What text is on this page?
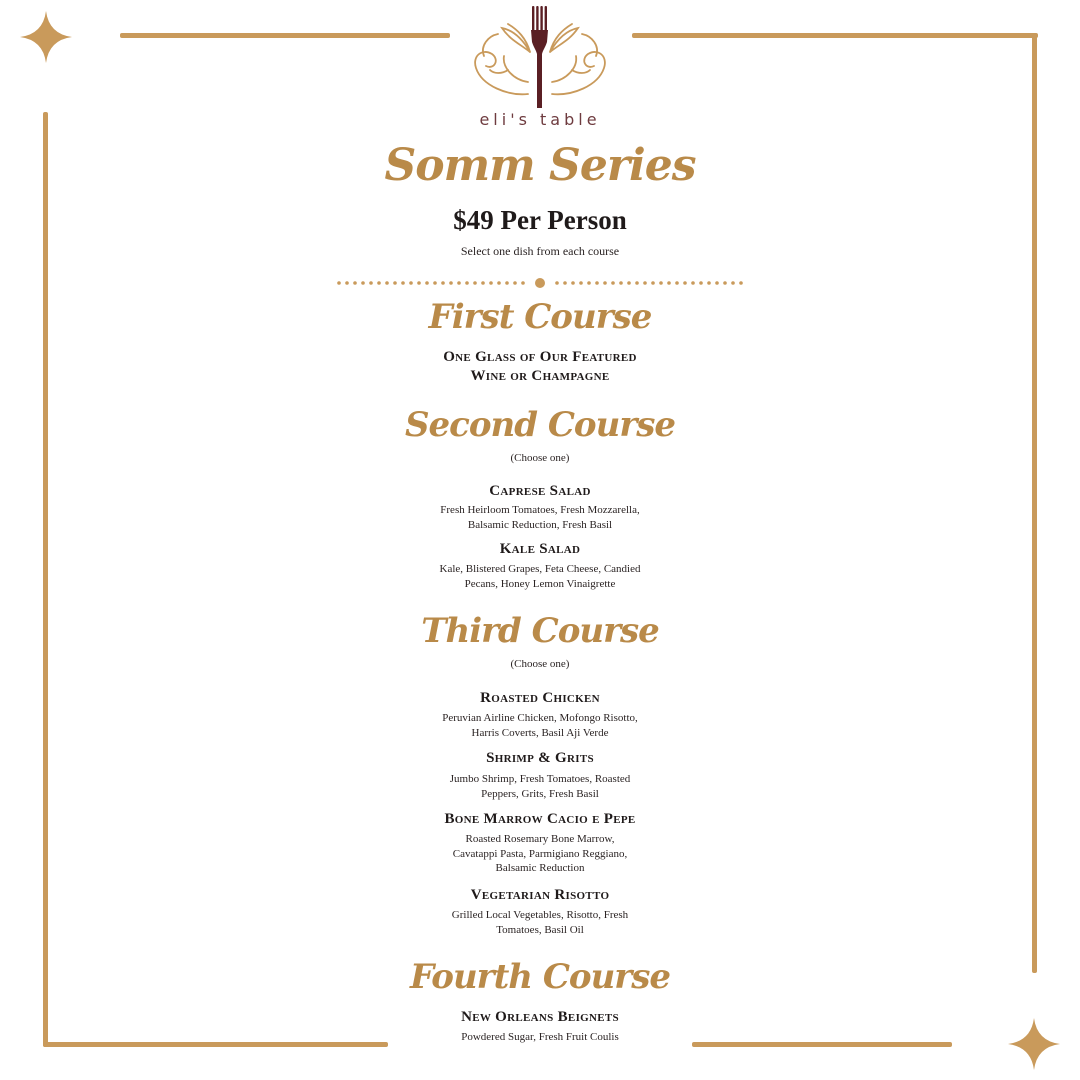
eli's table
Somm Series
$49 Per Person
Select one dish from each course
First Course
One Glass of Our Featured
Wine or Champagne
Second Course
(Choose one)
Caprese Salad
Fresh Heirloom Tomatoes, Fresh Mozzarella,
Balsamic Reduction, Fresh Basil
Kale Salad
Kale, Blistered Grapes, Feta Cheese, Candied
Pecans, Honey Lemon Vinaigrette
Third Course
(Choose one)
Roasted Chicken
Peruvian Airline Chicken, Mofongo Risotto,
Harris Coverts, Basil Aji Verde
Shrimp & Grits
Jumbo Shrimp, Fresh Tomatoes, Roasted
Peppers, Grits, Fresh Basil
Bone Marrow Cacio e Pepe
Roasted Rosemary Bone Marrow,
Cavatappi Pasta, Parmigiano Reggiano,
Balsamic Reduction
Vegetarian Risotto
Grilled Local Vegetables, Risotto, Fresh
Tomatoes, Basil Oil
Fourth Course
New Orleans Beignets
Powdered Sugar, Fresh Fruit Coulis
